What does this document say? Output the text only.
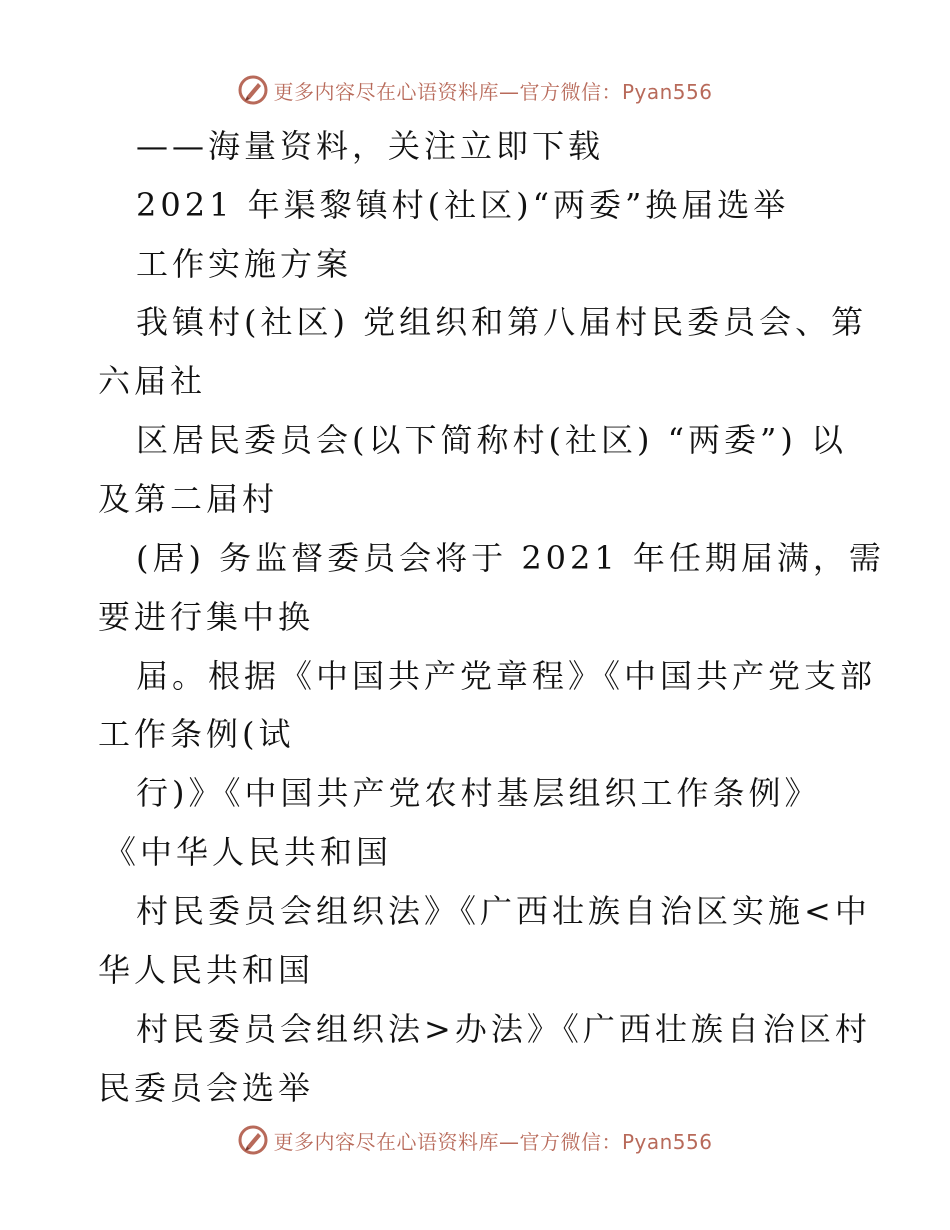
更多内容尽在心语资料库—官方微信：Pyan556
——海量资料，关注立即下载
2021 年渠黎镇村(社区)“两委”换届选举
工作实施方案
我镇村(社区) 党组织和第八届村民委员会、第
六届社
区居民委员会(以下简称村(社区) “两委”) 以
及第二届村
(居) 务监督委员会将于 2021 年任期届满，需
要进行集中换
届。根据《中国共产党章程》《中国共产党支部
工作条例(试
行)》《中国共产党农村基层组织工作条例》
《中华人民共和国
村民委员会组织法》《广西壮族自治区实施<中
华人民共和国
村民委员会组织法>办法》《广西壮族自治区村
民委员会选举
更多内容尽在心语资料库—官方微信：Pyan556
